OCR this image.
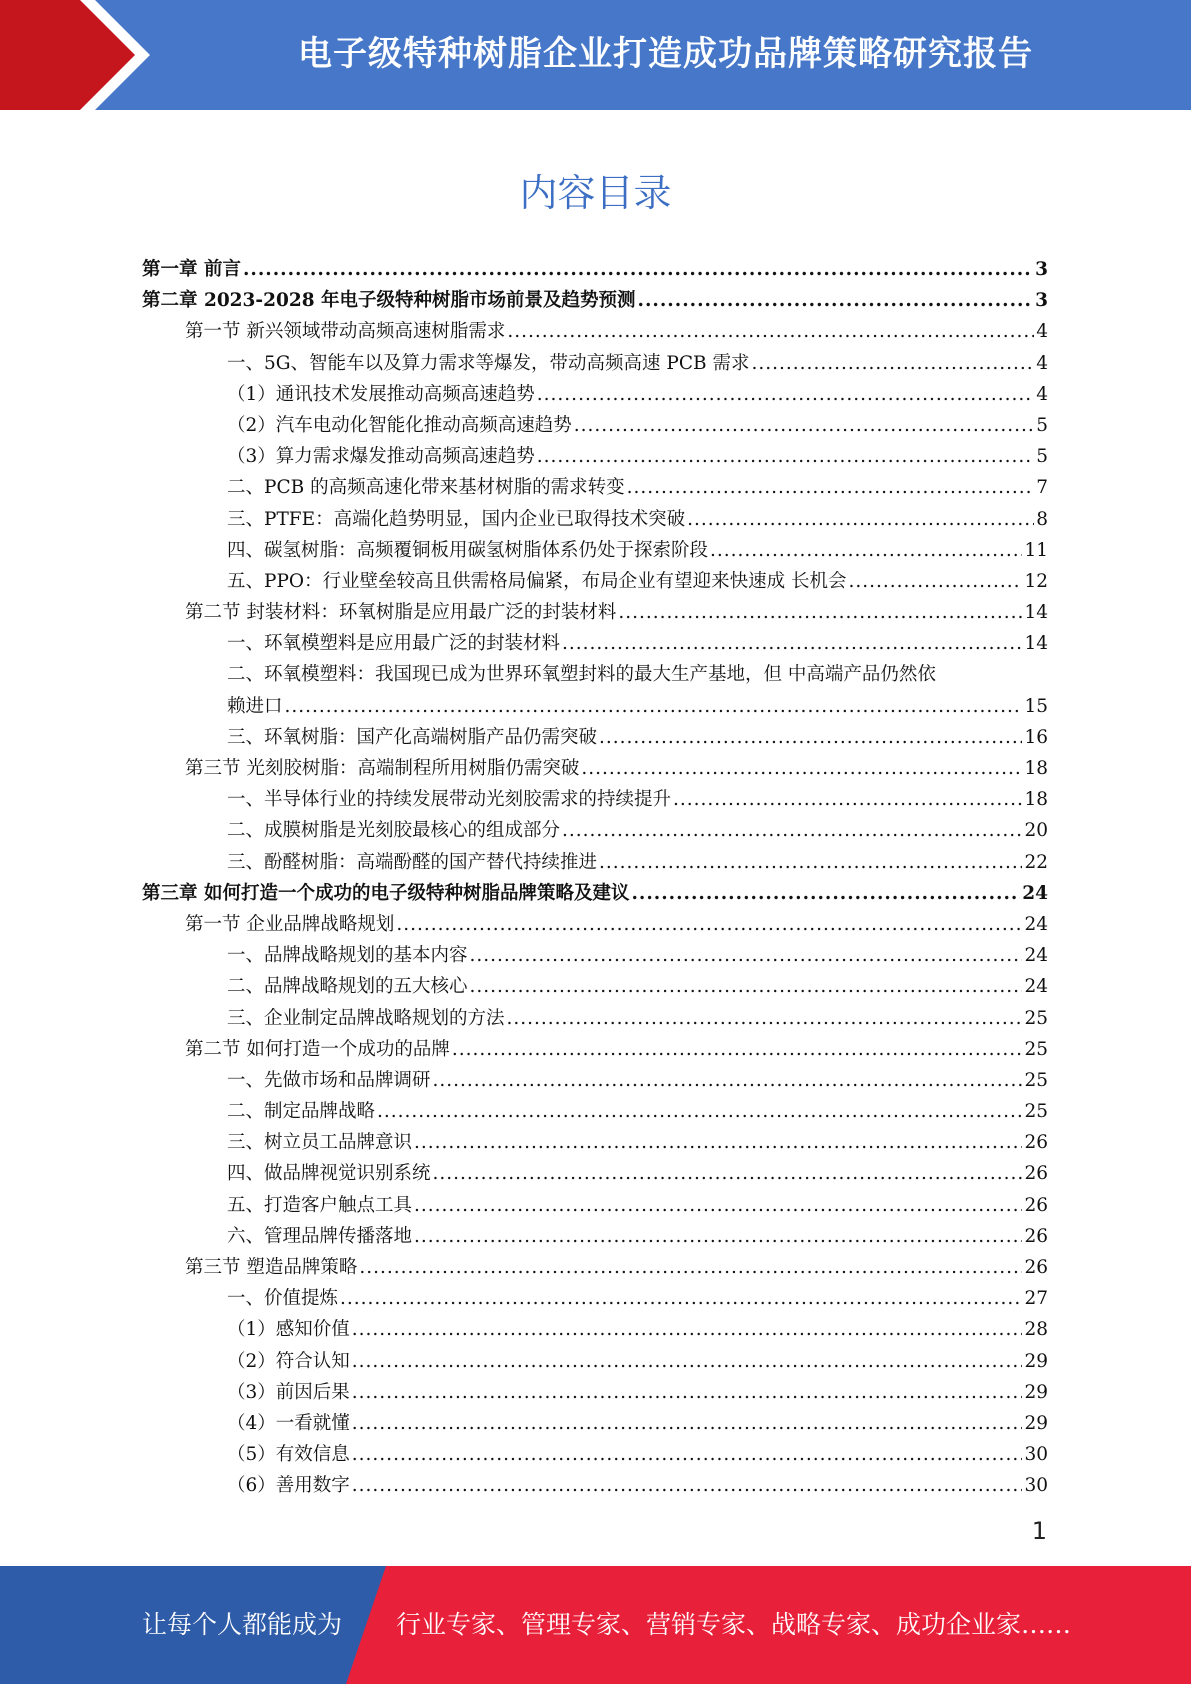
电子级特种树脂企业打造成功品牌策略研究报告
内容目录
第一章 前言 .....	3
第二章 2023-2028 年电子级特种树脂市场前景及趋势预测 .....	3
第一节 新兴领域带动高频高速树脂需求 .....	4
一、5G、智能车以及算力需求等爆发，带动高频高速 PCB 需求 .....	4
（1）通讯技术发展推动高频高速趋势 .....	4
（2）汽车电动化智能化推动高频高速趋势 .....	5
（3）算力需求爆发推动高频高速趋势 .....	5
二、PCB 的高频高速化带来基材树脂的需求转变 .....	7
三、PTFE：高端化趋势明显，国内企业已取得技术突破 .....	8
四、碳氢树脂：高频覆铜板用碳氢树脂体系仍处于探索阶段 .....	11
五、PPO：行业壁垒较高且供需格局偏紧，布局企业有望迎来快速成 长机会 .....	12
第二节 封装材料：环氧树脂是应用最广泛的封装材料 .....	14
一、环氧模塑料是应用最广泛的封装材料 .....	14
二、环氧模塑料：我国现已成为世界环氧塑封料的最大生产基地，但 中高端产品仍然依
赖进口 .....	15
三、环氧树脂：国产化高端树脂产品仍需突破 .....	16
第三节 光刻胶树脂：高端制程所用树脂仍需突破 .....	18
一、半导体行业的持续发展带动光刻胶需求的持续提升 .....	18
二、成膜树脂是光刻胶最核心的组成部分 .....	20
三、酚醛树脂：高端酚醛的国产替代持续推进 .....	22
第三章 如何打造一个成功的电子级特种树脂品牌策略及建议 .....	24
第一节 企业品牌战略规划 .....	24
一、品牌战略规划的基本内容 .....	24
二、品牌战略规划的五大核心 .....	24
三、企业制定品牌战略规划的方法 .....	25
第二节 如何打造一个成功的品牌 .....	25
一、先做市场和品牌调研 .....	25
二、制定品牌战略 .....	25
三、树立员工品牌意识 .....	26
四、做品牌视觉识别系统 .....	26
五、打造客户触点工具 .....	26
六、管理品牌传播落地 .....	26
第三节 塑造品牌策略 .....	26
一、价值提炼 .....	27
（1）感知价值 .....	28
（2）符合认知 .....	29
（3）前因后果 .....	29
（4）一看就懂 .....	29
（5）有效信息 .....	30
（6）善用数字 .....	30
1
让每个人都能成为 行业专家、管理专家、营销专家、战略专家、成功企业家……
